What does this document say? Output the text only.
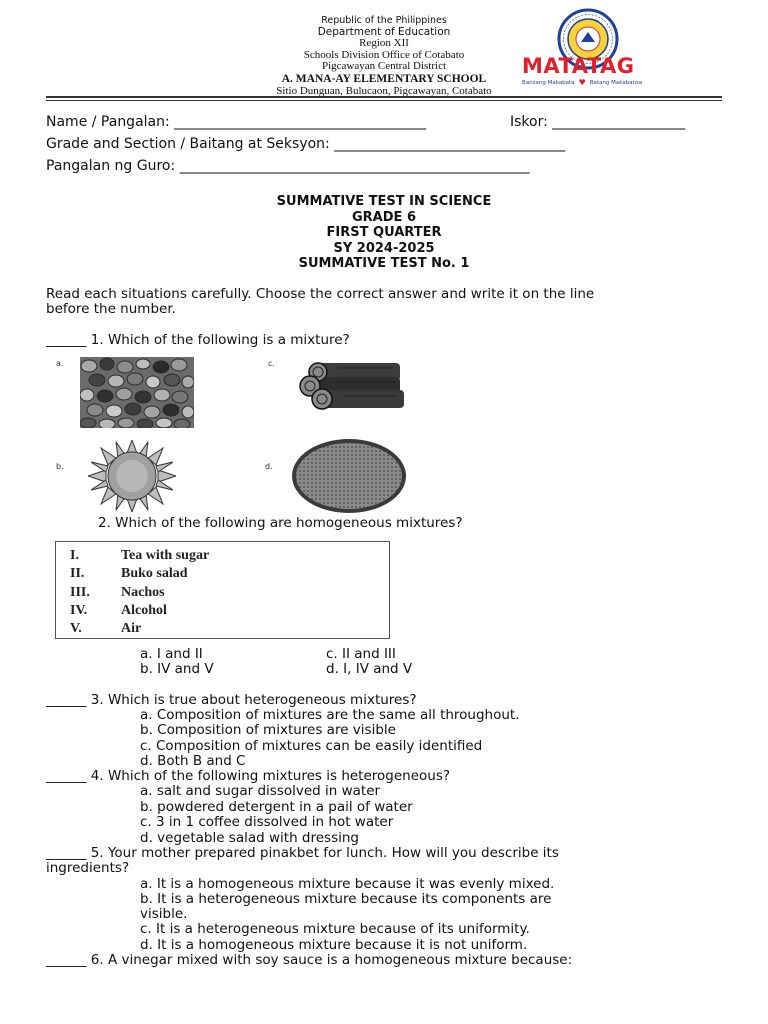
Republic of the Philippines
Department of Education
Region XII
Schools Division Office of Cotabato
Pigcawayan Central District
A. MANA-AY ELEMENTARY SCHOOL
Sitio Dunguan, Bulucaon, Pigcawayan, Cotabato
MATATAG
Bansang Makabata ♥ Batang Makabansa
Name / Pangalan: ____________________________________	Iskor: ___________________
Grade and Section / Baitang at Seksyon: _________________________________
Pangalan ng Guro: __________________________________________________
SUMMATIVE TEST IN SCIENCE
GRADE 6
FIRST QUARTER
SY 2024-2025
SUMMATIVE TEST No. 1
Read each situations carefully. Choose the correct answer and write it on the line
before the number.
______ 1. Which of the following is a mixture?
a.
b.
c.
d.
2. Which of the following are homogeneous mixtures?
I.	Tea with sugar
II.	Buko salad
III. Nachos
IV. Alcohol
V.	Air
a. I and II
b. IV and V
c. II and III
d. I, IV and V
______ 3. Which is true about heterogeneous mixtures?
a. Composition of mixtures are the same all throughout.
b. Composition of mixtures are visible
c. Composition of mixtures can be easily identified
d. Both B and C
______ 4. Which of the following mixtures is heterogeneous?
a. salt and sugar dissolved in water
b. powdered detergent in a pail of water
c. 3 in 1 coffee dissolved in hot water
d. vegetable salad with dressing
______ 5. Your mother prepared pinakbet for lunch. How will you describe its
ingredients?
a. It is a homogeneous mixture because it was evenly mixed.
b. It is a heterogeneous mixture because its components are
visible.
c. It is a heterogeneous mixture because of its uniformity.
d. It is a homogeneous mixture because it is not uniform.
______ 6. A vinegar mixed with soy sauce is a homogeneous mixture because:
